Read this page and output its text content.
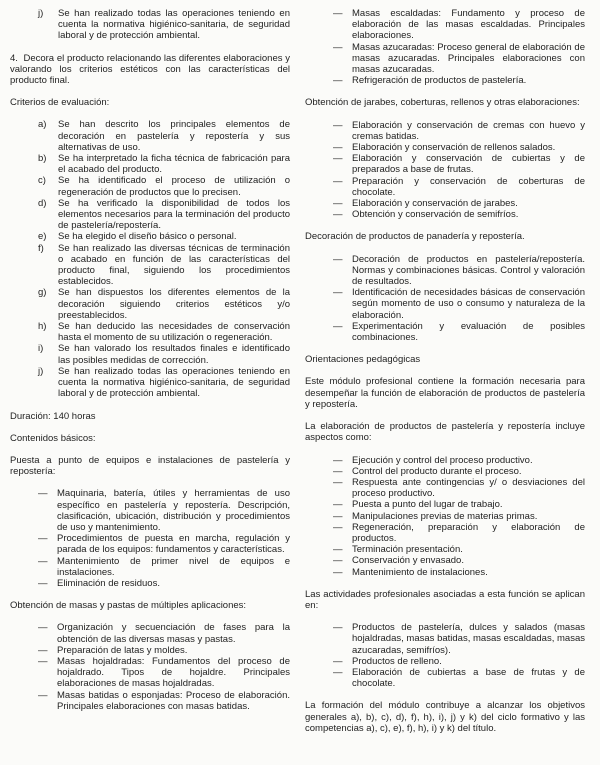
j) Se han realizado todas las operaciones teniendo en cuenta la normativa higiénico-sanitaria, de seguridad laboral y de protección ambiental.
4.  Decora el producto relacionando las diferentes elaboraciones y valorando los criterios estéticos con las características del producto final.
Criterios de evaluación:
a) Se han descrito los principales elementos de decoración en pastelería y repostería y sus alternativas de uso.
b) Se ha interpretado la ficha técnica de fabricación para el acabado del producto.
c) Se ha identificado el proceso de utilización o regeneración de productos que lo precisen.
d) Se ha verificado la disponibilidad de todos los elementos necesarios para la terminación del producto de pastelería/repostería.
e) Se ha elegido el diseño básico o personal.
f) Se han realizado las diversas técnicas de terminación o acabado en función de las características del producto final, siguiendo los procedimientos establecidos.
g) Se han dispuestos los diferentes elementos de la decoración siguiendo criterios estéticos y/o preestablecidos.
h) Se han deducido las necesidades de conservación hasta el momento de su utilización o regeneración.
i) Se han valorado los resultados finales e identificado las posibles medidas de corrección.
j) Se han realizado todas las operaciones teniendo en cuenta la normativa higiénico-sanitaria, de seguridad laboral y de protección ambiental.
Duración: 140 horas
Contenidos básicos:
Puesta a punto de equipos e instalaciones de pastelería y repostería:
— Maquinaria, batería, útiles y herramientas de uso específico en pastelería y repostería. Descripción, clasificación, ubicación, distribución y procedimientos de uso y mantenimiento.
— Procedimientos de puesta en marcha, regulación y parada de los equipos: fundamentos y características.
— Mantenimiento de primer nivel de equipos e instalaciones.
— Eliminación de residuos.
Obtención de masas y pastas de múltiples aplicaciones:
— Organización y secuenciación de fases para la obtención de las diversas masas y pastas.
— Preparación de latas y moldes.
— Masas hojaldradas: Fundamentos del proceso de hojaldrado. Tipos de hojaldre. Principales elaboraciones de masas hojaldradas.
— Masas batidas o esponjadas: Proceso de elaboración. Principales elaboraciones con masas batidas.
— Masas escaldadas: Fundamento y proceso de elaboración de las masas escaldadas. Principales elaboraciones.
— Masas azucaradas: Proceso general de elaboración de masas azucaradas. Principales elaboraciones con masas azucaradas.
— Refrigeración de productos de pastelería.
Obtención de jarabes, coberturas, rellenos y otras elaboraciones:
— Elaboración y conservación de cremas con huevo y cremas batidas.
— Elaboración y conservación de rellenos salados.
— Elaboración y conservación de cubiertas y de preparados a base de frutas.
— Preparación y conservación de coberturas de chocolate.
— Elaboración y conservación de jarabes.
— Obtención y conservación de semifríos.
Decoración de productos de panadería y repostería.
— Decoración de productos en pastelería/repostería. Normas y combinaciones básicas. Control y valoración de resultados.
— Identificación de necesidades básicas de conservación según momento de uso o consumo y naturaleza de la elaboración.
— Experimentación y evaluación de posibles combinaciones.
Orientaciones pedagógicas
Este módulo profesional contiene la formación necesaria para desempeñar la función de elaboración de productos de pastelería y repostería.
La elaboración de productos de pastelería y repostería incluye aspectos como:
— Ejecución y control del proceso productivo.
— Control del producto durante el proceso.
— Respuesta ante contingencias y/ o desviaciones del proceso productivo.
— Puesta a punto del lugar de trabajo.
— Manipulaciones previas de materias primas.
— Regeneración, preparación y elaboración de productos.
— Terminación presentación.
— Conservación y envasado.
— Mantenimiento de instalaciones.
Las actividades profesionales asociadas a esta función se aplican en:
— Productos de pastelería, dulces y salados (masas hojaldradas, masas batidas, masas escaldadas, masas azucaradas, semifríos).
— Productos de relleno.
— Elaboración de cubiertas a base de frutas y de chocolate.
La formación del módulo contribuye a alcanzar los objetivos generales a), b), c), d), f), h), i), j) y k) del ciclo formativo y las competencias a), c), e), f), h), i) y k) del título.
